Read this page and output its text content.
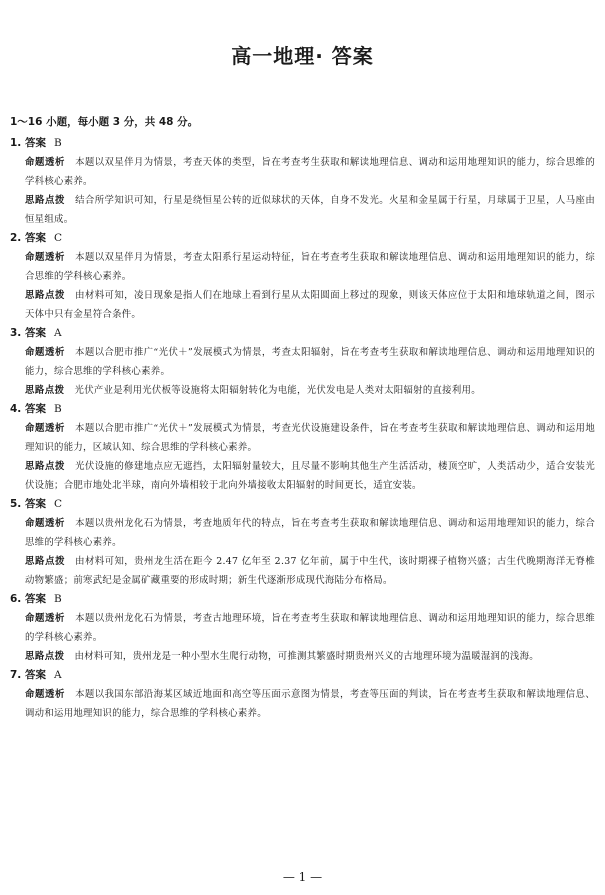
高一地理· 答案
1～16 小题，每小题 3 分，共 48 分。
1. 答案 B
命题透析 本题以双星伴月为情景，考查天体的类型，旨在考查考生获取和解读地理信息、调动和运用地理知识的能力，综合思维的学科核心素养。
思路点拨 结合所学知识可知，行星是绕恒星公转的近似球状的天体，自身不发光。火星和金星属于行星，月球属于卫星，人马座由恒星组成。
2. 答案 C
命题透析 本题以双星伴月为情景，考查太阳系行星运动特征，旨在考查考生获取和解读地理信息、调动和运用地理知识的能力，综合思维的学科核心素养。
思路点拨 由材料可知，凌日现象是指人们在地球上看到行星从太阳圆面上移过的现象，则该天体应位于太阳和地球轨道之间，图示天体中只有金星符合条件。
3. 答案 A
命题透析 本题以合肥市推广“光伏＋”发展模式为情景，考查太阳辐射，旨在考查考生获取和解读地理信息、调动和运用地理知识的能力，综合思维的学科核心素养。
思路点拨 光伏产业是利用光伏板等设施将太阳辐射转化为电能，光伏发电是人类对太阳辐射的直接利用。
4. 答案 B
命题透析 本题以合肥市推广“光伏＋”发展模式为情景，考查光伏设施建设条件，旨在考查考生获取和解读地理信息、调动和运用地理知识的能力，区域认知、综合思维的学科核心素养。
思路点拨 光伏设施的修建地点应无遮挡，太阳辐射量较大，且尽量不影响其他生产生活活动，楼顶空旷，人类活动少，适合安装光伏设施；合肥市地处北半球，南向外墙相较于北向外墙接收太阳辐射的时间更长，适宜安装。
5. 答案 C
命题透析 本题以贵州龙化石为情景，考查地质年代的特点，旨在考查考生获取和解读地理信息、调动和运用地理知识的能力，综合思维的学科核心素养。
思路点拨 由材料可知，贵州龙生活在距今 2.47 亿年至 2.37 亿年前，属于中生代，该时期裸子植物兴盛；古生代晚期海洋无脊椎动物繁盛；前寒武纪是金属矿藏重要的形成时期；新生代逐渐形成现代海陆分布格局。
6. 答案 B
命题透析 本题以贵州龙化石为情景，考查古地理环境，旨在考查考生获取和解读地理信息、调动和运用地理知识的能力，综合思维的学科核心素养。
思路点拨 由材料可知，贵州龙是一种小型水生爬行动物，可推测其繁盛时期贵州兴义的古地理环境为温暖湿润的浅海。
7. 答案 A
命题透析 本题以我国东部沿海某区域近地面和高空等压面示意图为情景，考查等压面的判读，旨在考查考生获取和解读地理信息、调动和运用地理知识的能力，综合思维的学科核心素养。
— 1 —
